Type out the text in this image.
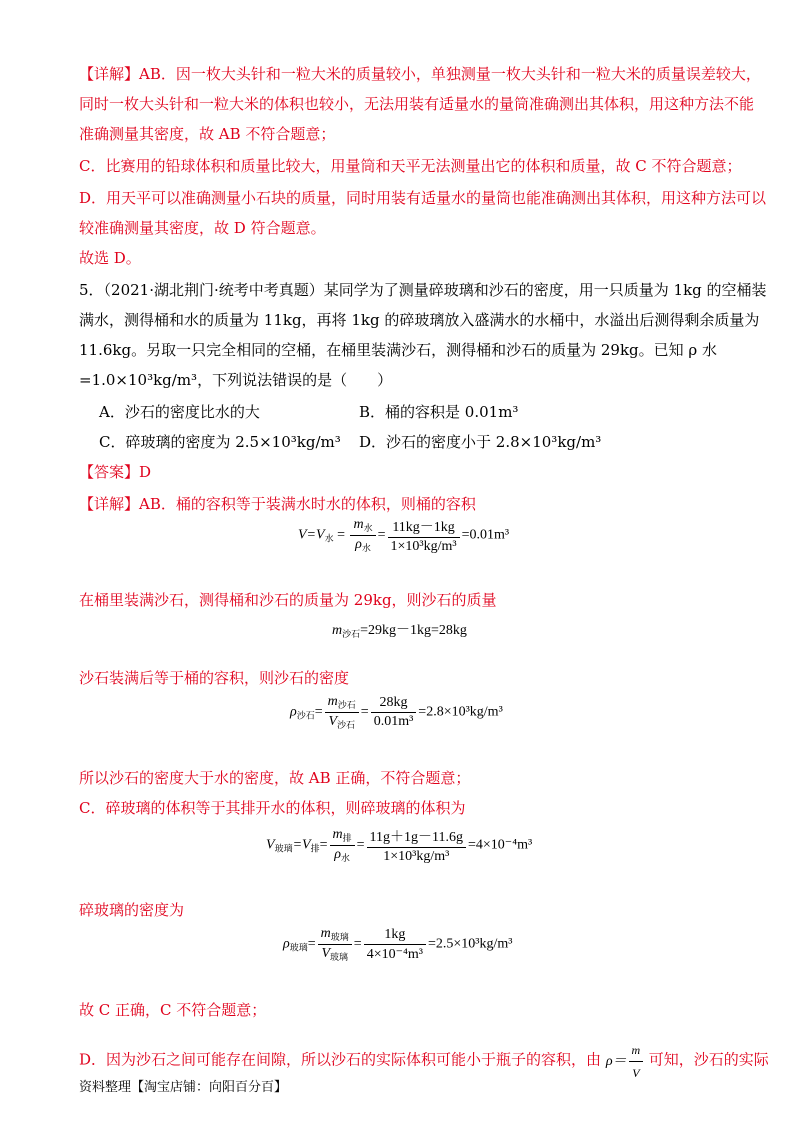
【详解】AB．因一枚大头针和一粒大米的质量较小，单独测量一枚大头针和一粒大米的质量误差较大，
同时一枚大头针和一粒大米的体积也较小，无法用装有适量水的量筒准确测出其体积，用这种方法不能
准确测量其密度，故 AB 不符合题意；
C．比赛用的铅球体积和质量比较大，用量筒和天平无法测量出它的体积和质量，故 C 不符合题意；
D．用天平可以准确测量小石块的质量，同时用装有适量水的量筒也能准确测出其体积，用这种方法可以
较准确测量其密度，故 D 符合题意。
故选 D。
5．（2021·湖北荆门·统考中考真题）某同学为了测量碎玻璃和沙石的密度，用一只质量为 1kg 的空桶装
满水，测得桶和水的质量为 11kg，再将 1kg 的碎玻璃放入盛满水的水桶中，水溢出后测得剩余质量为
11.6kg。另取一只完全相同的空桶，在桶里装满沙石，测得桶和沙石的质量为 29kg。已知 ρ 水
=1.0×10³kg/m³，下列说法错误的是（　　）
A．沙石的密度比水的大	B．桶的容积是 0.01m³
C．碎玻璃的密度为 2.5×10³kg/m³ D．沙石的密度小于 2.8×10³kg/m³
【答案】D
【详解】AB．桶的容积等于装满水时水的体积，则桶的容积
$V=V_水 = \frac{m_水}{\rho_水} = \frac{11kg-1kg}{\text{1×10³kg/m³}} =0.01m^3$
在桶里装满沙石，测得桶和沙石的质量为 29kg，则沙石的质量
$m_{沙石}=29kg-1kg=28kg$
沙石装满后等于桶的容积，则沙石的密度
$\rho_{沙石}= \frac{m_{沙石}}{V_{沙石}} = \frac{28kg}{\text{0.01m³}} =2.8\times 10^3kg/m^3$
所以沙石的密度大于水的密度，故 AB 正确，不符合题意；
C．碎玻璃的体积等于其排开水的体积，则碎玻璃的体积为
$V_{玻璃}=V_排= \frac{m_排}{\rho_水} = \frac{11g+1g-11.6g}{\text{1×10³kg/m³}} =4\times 10^{-4}m^3$
碎玻璃的密度为
$\rho_{玻璃}= \frac{m_{玻璃}}{V_{玻璃}} = \frac{1kg}{\text{4×10⁻⁴m³}} =2.5\times 10^3kg/m^3$
故 C 正确，C 不符合题意；
D．因为沙石之间可能存在间隙，所以沙石的实际体积可能小于瓶子的容积，由 $\rho= \frac{m}{V}$ 可知，沙石的实际
资料整理【淘宝店铺：向阳百分百】
